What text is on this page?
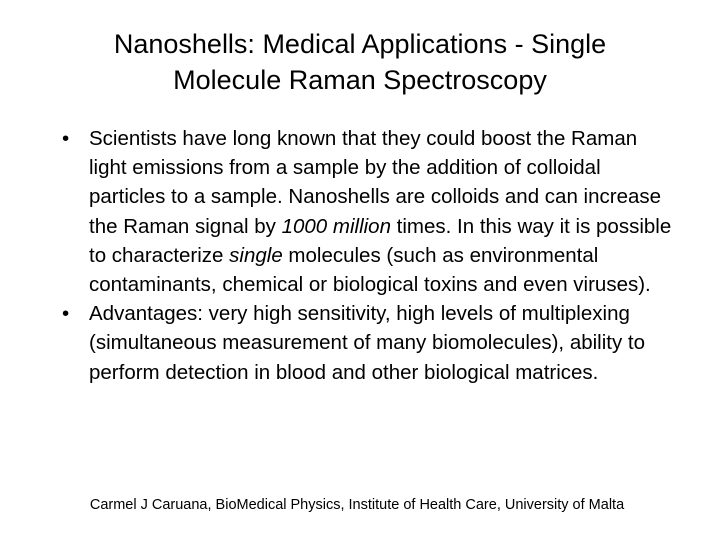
Nanoshells: Medical Applications - Single
Molecule Raman Spectroscopy
• Scientists have long known that they could boost the Raman light emissions from a sample by the addition of colloidal particles to a sample. Nanoshells are colloids and can increase the Raman signal by 1000 million times. In this way it is possible to characterize single molecules (such as environmental contaminants, chemical or biological toxins and even viruses).
• Advantages: very high sensitivity, high levels of multiplexing (simultaneous measurement of many biomolecules), ability to perform detection in blood and other biological matrices.
Carmel J Caruana, BioMedical Physics, Institute of Health Care, University of Malta
